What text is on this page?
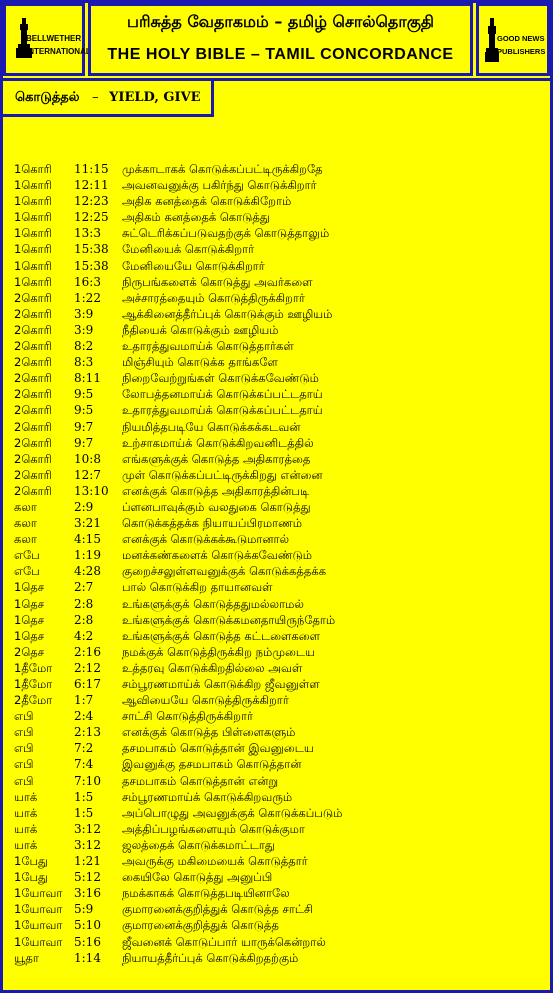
BELLWETHER
INTERNATIONAL
பரிசுத்த வேதாகமம் – தமிழ் சொல்தொகுதி
THE HOLY BIBLE – TAMIL CONCORDANCE
GOOD NEWS
PUBLISHERS
கொடுத்தல் – YIELD, GIVE
1கொரி 11:15 முக்காடாகக் கொடுக்கப்பட்டிருக்கிறதே
1கொரி 12:11 அவனவனுக்கு பகிர்ந்து கொடுக்கிறார்
1கொரி 12:23 அதிக கனத்தைக் கொடுக்கிறோம்
1கொரி 12:25 அதிகம் கனத்தைக் கொடுத்து
1கொரி 13:3 சுட்டெரிக்கப்படுவதற்குக் கொடுத்தாலும்
1கொரி 15:38 மேனியைக் கொடுக்கிறார்
1கொரி 15:38 மேனியையே கொடுக்கிறார்
1கொரி 16:3 நிருபங்களைக் கொடுத்து அவர்களை
2கொரி 1:22 அச்சாரத்தையும் கொடுத்திருக்கிறார்
2கொரி 3:9 ஆக்கினைத்தீர்ப்புக் கொடுக்கும் ஊழியம்
2கொரி 3:9 நீதியைக் கொடுக்கும் ஊழியம்
2கொரி 8:2 உதாரத்துவமாய்க் கொடுத்தார்கள்
2கொரி 8:3 மிஞ்சியும் கொடுக்க தாங்களே
2கொரி 8:11 நிறைவேற்றுங்கள் கொடுக்கவேண்டும்
2கொரி 9:5 லோபத்தனமாய்க் கொடுக்கப்பட்டதாய்
2கொரி 9:5 உதாரத்துவமாய்க் கொடுக்கப்பட்டதாய்
2கொரி 9:7 நியமித்தபடியே கொடுக்கக்கடவன்
2கொரி 9:7 உற்சாகமாய்க் கொடுக்கிறவனிடத்தில்
2கொரி 10:8 எங்களுக்குக் கொடுத்த அதிகாரத்தை
2கொரி 12:7 முள் கொடுக்கப்பட்டிருக்கிறது என்னை
2கொரி 13:10 எனக்குக் கொடுத்த அதிகாரத்தின்படி
கலா	2:9 ப்ளனபாவுக்கும் வலதுகை கொடுத்து
கலா	3:21 கொடுக்கத்தக்க நியாயப்பிரமாணம்
கலா	4:15 எனக்குக் கொடுக்கக்கூடுமானால்
எபே	1:19 மனக்கண்களைக் கொடுக்கவேண்டும்
எபே	4:28 குறைச்சலுள்ளவனுக்குக் கொடுக்கத்தக்க
1தெச 2:7 பால் கொடுக்கிற தாயானவள்
1தெச 2:8 உங்களுக்குக் கொடுத்ததுமல்லாமல்
1தெச 2:8 உங்களுக்குக் கொடுக்கமனதாயிருந்தோம்
1தெச 4:2 உங்களுக்குக் கொடுத்த கட்டளைகளை
2தெச 2:16 நமக்குக் கொடுத்திருக்கிற நம்முடைய
1தீமோ 2:12 உத்தரவு கொடுக்கிறதில்லை அவள்
1தீமோ 6:17 சம்பூரணமாய்க் கொடுக்கிற ஜீவனுள்ள
2தீமோ 1:7 ஆவியையே கொடுத்திருக்கிறார்
எபி	2:4 சாட்சி கொடுத்திருக்கிறார்
எபி	2:13 எனக்குக் கொடுத்த பிள்ளைகளும்
எபி	7:2 தசமபாகம் கொடுத்தான் இவனுடைய
எபி	7:4 இவனுக்கு தசமபாகம் கொடுத்தான்
எபி	7:10 தசமபாகம் கொடுத்தான் என்று
யாக்	1:5 சம்பூரணமாய்க் கொடுக்கிறவரும்
யாக்	1:5 அப்பொழுது அவனுக்குக் கொடுக்கப்படும்
யாக்	3:12 அத்திப்பழங்களையும் கொடுக்குமா
யாக்	3:12 ஜலத்தைக் கொடுக்கமாட்டாது
1பேது 1:21 அவருக்கு மகிமையைக் கொடுத்தார்
1பேது 5:12 கையிலே கொடுத்து அனுப்பி
1யோவா 3:16 நமக்காகக் கொடுத்தபடியினாலே
1யோவா 5:9 குமாரனைக்குறித்துக் கொடுத்த சாட்சி
1யோவா 5:10 குமாரனைக்குறித்துக் கொடுத்த
1யோவா 5:16 ஜீவனைக் கொடுப்பார் யாருக்கென்றால்
யூதா	1:14 நியாயத்தீர்ப்புக் கொடுக்கிறதற்கும்
